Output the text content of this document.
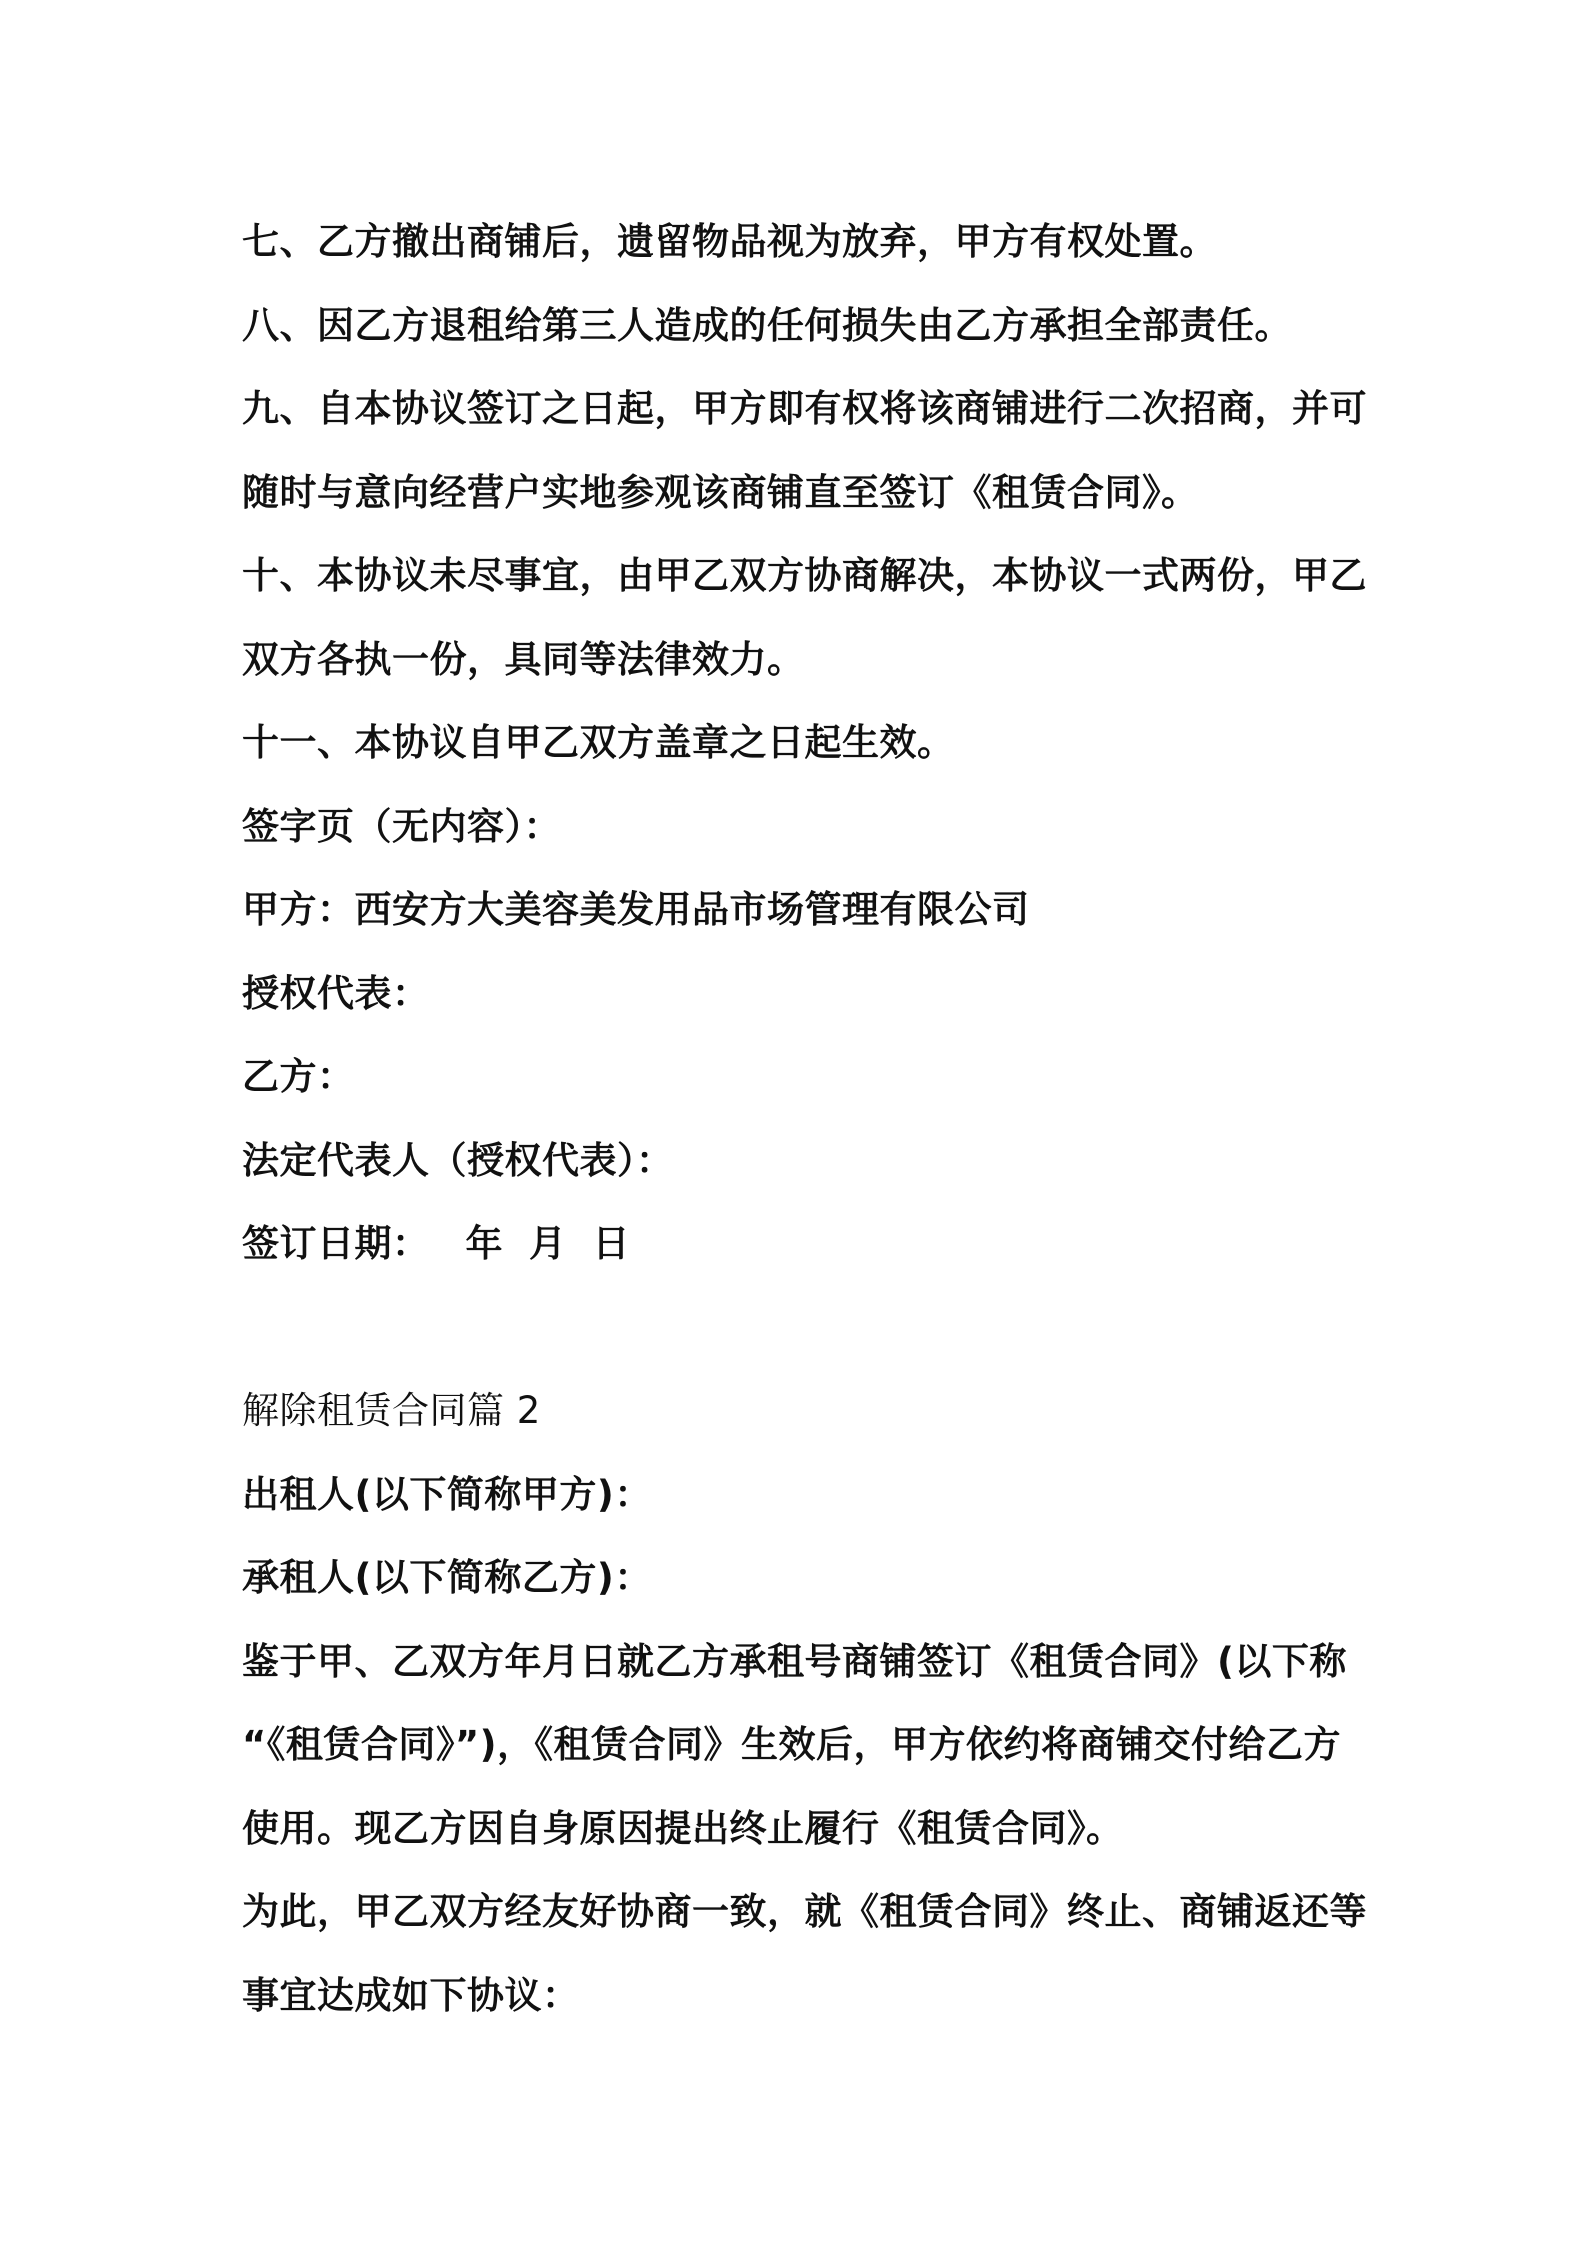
七、乙方撤出商铺后，遗留物品视为放弃，甲方有权处置。
八、因乙方退租给第三人造成的任何损失由乙方承担全部责任。
九、自本协议签订之日起，甲方即有权将该商铺进行二次招商，并可
随时与意向经营户实地参观该商铺直至签订《租赁合同》。
十、本协议未尽事宜，由甲乙双方协商解决，本协议一式两份，甲乙
双方各执一份，具同等法律效力。
十一、本协议自甲乙双方盖章之日起生效。
签字页（无内容）：
甲方：西安方大美容美发用品市场管理有限公司
授权代表：
乙方：
法定代表人（授权代表）：
签订日期： 年 月 日
解除租赁合同篇 2
出租人(以下简称甲方)：
承租人(以下简称乙方)：
鉴于甲、乙双方年月日就乙方承租号商铺签订《租赁合同》(以下称
“《租赁合同》”)，《租赁合同》生效后，甲方依约将商铺交付给乙方
使用。现乙方因自身原因提出终止履行《租赁合同》。
为此，甲乙双方经友好协商一致，就《租赁合同》终止、商铺返还等
事宜达成如下协议：
